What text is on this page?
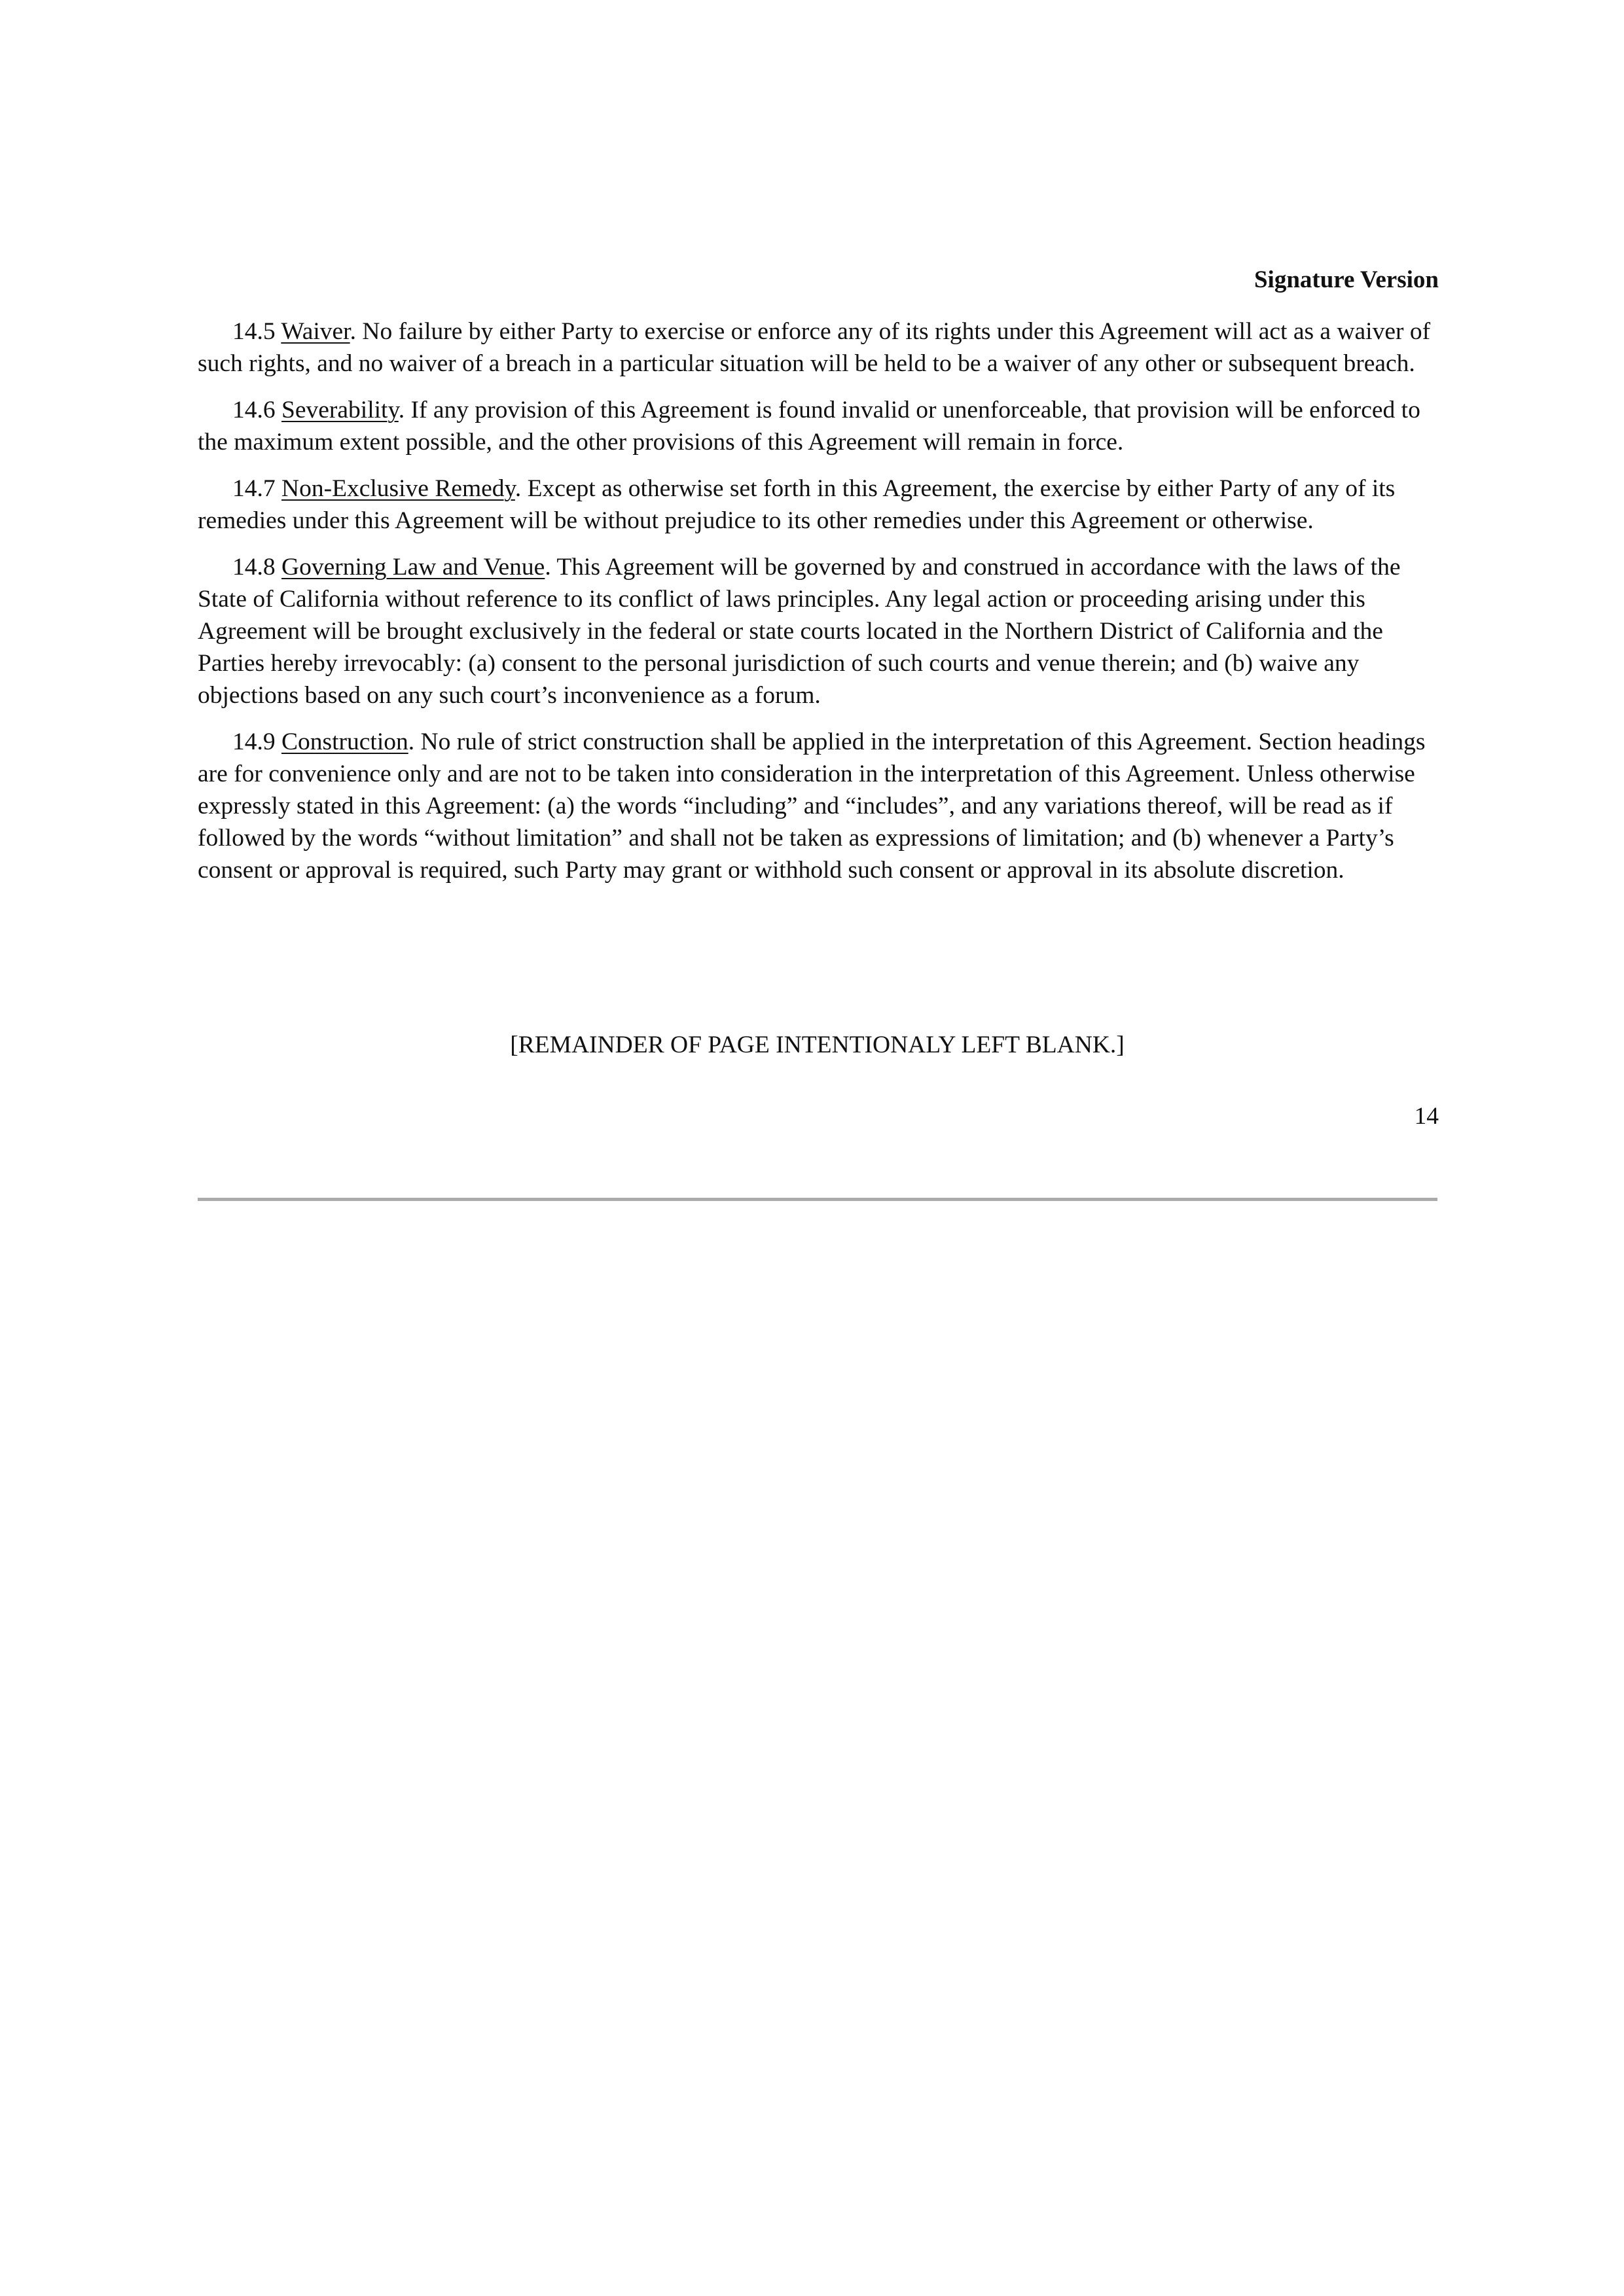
Signature Version

14.5 Waiver. No failure by either Party to exercise or enforce any of its rights under this Agreement will act as a waiver of such rights, and no waiver of a breach in a particular situation will be held to be a waiver of any other or subsequent breach.

14.6 Severability. If any provision of this Agreement is found invalid or unenforceable, that provision will be enforced to the maximum extent possible, and the other provisions of this Agreement will remain in force.

14.7 Non-Exclusive Remedy. Except as otherwise set forth in this Agreement, the exercise by either Party of any of its remedies under this Agreement will be without prejudice to its other remedies under this Agreement or otherwise.

14.8 Governing Law and Venue. This Agreement will be governed by and construed in accordance with the laws of the State of California without reference to its conflict of laws principles. Any legal action or proceeding arising under this Agreement will be brought exclusively in the federal or state courts located in the Northern District of California and the Parties hereby irrevocably: (a) consent to the personal jurisdiction of such courts and venue therein; and (b) waive any objections based on any such court’s inconvenience as a forum.

14.9 Construction. No rule of strict construction shall be applied in the interpretation of this Agreement. Section headings are for convenience only and are not to be taken into consideration in the interpretation of this Agreement. Unless otherwise expressly stated in this Agreement: (a) the words “including” and “includes”, and any variations thereof, will be read as if followed by the words “without limitation” and shall not be taken as expressions of limitation; and (b) whenever a Party’s consent or approval is required, such Party may grant or withhold such consent or approval in its absolute discretion.

[REMAINDER OF PAGE INTENTIONALY LEFT BLANK.]
14
